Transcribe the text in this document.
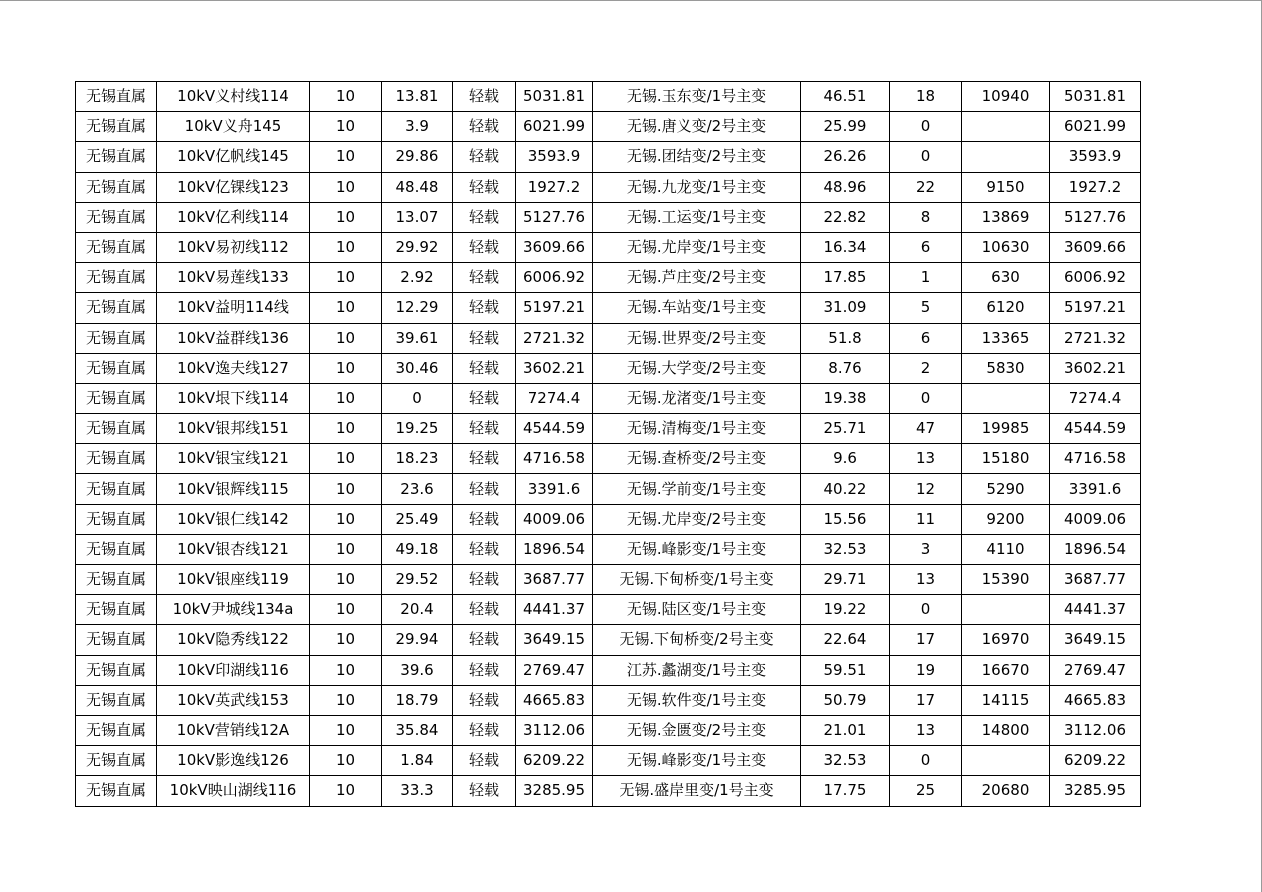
无锡直属	10kV义村线114	10	13.81	轻载	5031.81	无锡.玉东变/1号主变	46.51	18	10940	5031.81
无锡直属	10kV义舟145	10	3.9	轻载	6021.99	无锡.唐义变/2号主变	25.99	0		6021.99
无锡直属	10kV亿帆线145	10	29.86	轻载	3593.9	无锡.团结变/2号主变	26.26	0		3593.9
无锡直属	10kV亿锞线123	10	48.48	轻载	1927.2	无锡.九龙变/1号主变	48.96	22	9150	1927.2
无锡直属	10kV亿利线114	10	13.07	轻载	5127.76	无锡.工运变/1号主变	22.82	8	13869	5127.76
无锡直属	10kV易初线112	10	29.92	轻载	3609.66	无锡.尤岸变/1号主变	16.34	6	10630	3609.66
无锡直属	10kV易莲线133	10	2.92	轻载	6006.92	无锡.芦庄变/2号主变	17.85	1	630	6006.92
无锡直属	10kV益明114线	10	12.29	轻载	5197.21	无锡.车站变/1号主变	31.09	5	6120	5197.21
无锡直属	10kV益群线136	10	39.61	轻载	2721.32	无锡.世界变/2号主变	51.8	6	13365	2721.32
无锡直属	10kV逸夫线127	10	30.46	轻载	3602.21	无锡.大学变/2号主变	8.76	2	5830	3602.21
无锡直属	10kV垠下线114	10	0	轻载	7274.4	无锡.龙渚变/1号主变	19.38	0		7274.4
无锡直属	10kV银邦线151	10	19.25	轻载	4544.59	无锡.清梅变/1号主变	25.71	47	19985	4544.59
无锡直属	10kV银宝线121	10	18.23	轻载	4716.58	无锡.查桥变/2号主变	9.6	13	15180	4716.58
无锡直属	10kV银辉线115	10	23.6	轻载	3391.6	无锡.学前变/1号主变	40.22	12	5290	3391.6
无锡直属	10kV银仁线142	10	25.49	轻载	4009.06	无锡.尤岸变/2号主变	15.56	11	9200	4009.06
无锡直属	10kV银杏线121	10	49.18	轻载	1896.54	无锡.峰影变/1号主变	32.53	3	4110	1896.54
无锡直属	10kV银座线119	10	29.52	轻载	3687.77	无锡.下甸桥变/1号主变	29.71	13	15390	3687.77
无锡直属	10kV尹城线134a	10	20.4	轻载	4441.37	无锡.陆区变/1号主变	19.22	0		4441.37
无锡直属	10kV隐秀线122	10	29.94	轻载	3649.15	无锡.下甸桥变/2号主变	22.64	17	16970	3649.15
无锡直属	10kV印湖线116	10	39.6	轻载	2769.47	江苏.蠡湖变/1号主变	59.51	19	16670	2769.47
无锡直属	10kV英武线153	10	18.79	轻载	4665.83	无锡.软件变/1号主变	50.79	17	14115	4665.83
无锡直属	10kV营销线12A	10	35.84	轻载	3112.06	无锡.金匮变/2号主变	21.01	13	14800	3112.06
无锡直属	10kV影逸线126	10	1.84	轻载	6209.22	无锡.峰影变/1号主变	32.53	0		6209.22
无锡直属	10kV映山湖线116	10	33.3	轻载	3285.95	无锡.盛岸里变/1号主变	17.75	25	20680	3285.95
